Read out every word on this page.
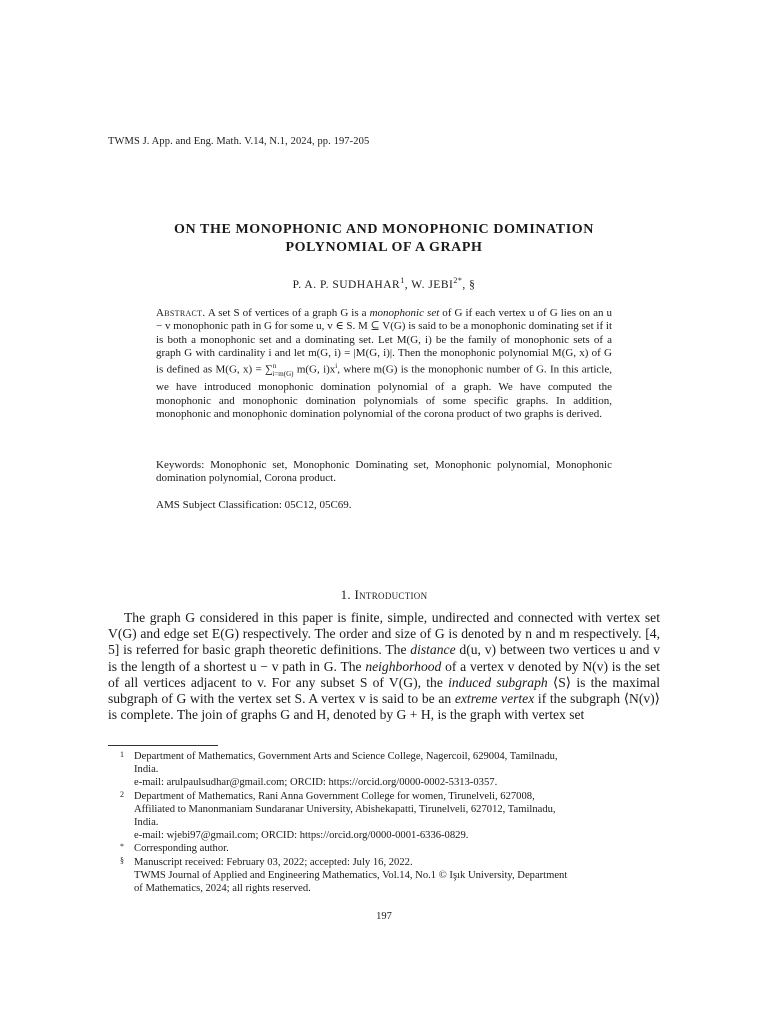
TWMS J. App. and Eng. Math. V.14, N.1, 2024, pp. 197-205
ON THE MONOPHONIC AND MONOPHONIC DOMINATION
POLYNOMIAL OF A GRAPH
P. A. P. SUDHAHAR$^1$, W. $JEBI^{2*}$, §
Abstract. A set S of vertices of a graph G is a monophonic set of G if each vertex u of G lies on an u − v monophonic path in G for some u, v ∈ S. M ⊆ V(G) is said to be a monophonic dominating set if it is both a monophonic set and a dominating set. Let M(G, i) be the family of monophonic sets of a graph G with cardinality i and let m(G, i) = |M(G, i)|. Then the monophonic polynomial M(G, x) of G is defined as M(G, x) = ∑$^n_{i=m(G)}$ m(G, $i)x^i$, where m(G) is the monophonic number of G. In this article, we have introduced monophonic domination polynomial of a graph. We have computed the monophonic and monophonic domination polynomials of some specific graphs. In addition, monophonic and monophonic domination polynomial of the corona product of two graphs is derived.
Keywords: Monophonic set, Monophonic Dominating set, Monophonic polynomial, Monophonic domination polynomial, Corona product.
AMS Subject Classification: 05C12, 05C69.
1. Introduction
The graph G considered in this paper is finite, simple, undirected and connected with vertex set V(G) and edge set E(G) respectively. The order and size of G is denoted by n and m respectively. [4, 5] is referred for basic graph theoretic definitions. The distance d(u, v) between two vertices u and v is the length of a shortest u − v path in G. The neighborhood of a vertex v denoted by N(v) is the set of all vertices adjacent to v. For any subset S of V(G), the induced subgraph ⟨S⟩ is the maximal subgraph of G with the vertex set S. A vertex v is said to be an extreme vertex if the subgraph ⟨N(v)⟩ is complete. The join of graphs G and H, denoted by G + H, is the graph with vertex set
1 Department of Mathematics, Government Arts and Science College, Nagercoil, 629004, Tamilnadu,
India.
e-mail: arulpaulsudhar@gmail.com; ORCID: https://orcid.org/0000-0002-5313-0357.
2 Department of Mathematics, Rani Anna Government College for women, Tirunelveli, 627008,
Affiliated to Manonmaniam Sundaranar University, Abishekapatti, Tirunelveli, 627012, Tamilnadu,
India.
e-mail: wjebi97@gmail.com; ORCID: https://orcid.org/0000-0001-6336-0829.
* Corresponding author.
§ Manuscript received: February 03, 2022; accepted: July 16, 2022.
TWMS Journal of Applied and Engineering Mathematics, Vol.14, No.1 © Işık University, Department
of Mathematics, 2024; all rights reserved.
197
